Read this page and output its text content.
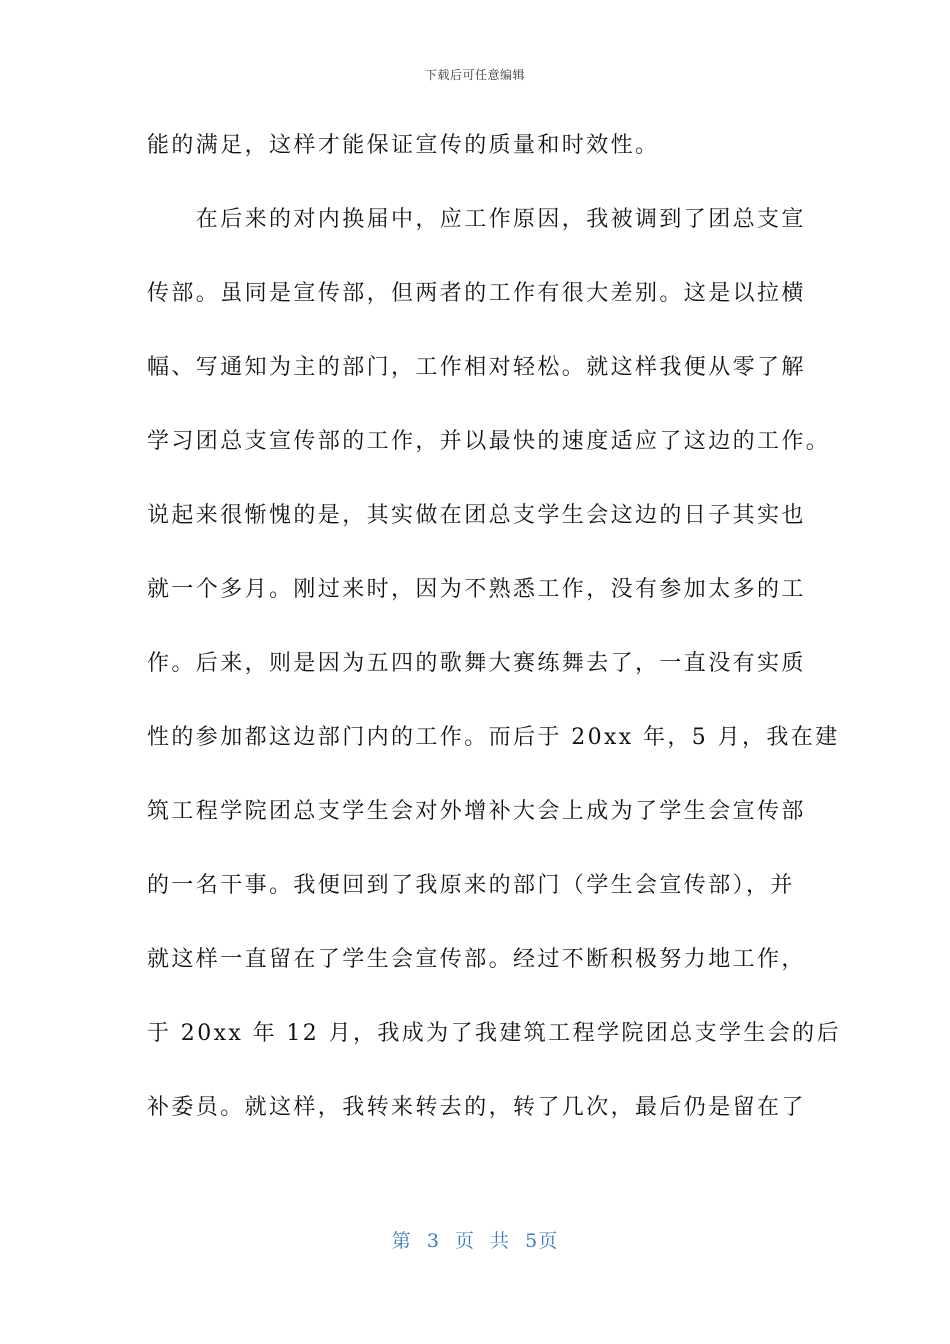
下载后可任意编辑
能的满足，这样才能保证宣传的质量和时效性。
　　在后来的对内换届中，应工作原因，我被调到了团总支宣
传部。虽同是宣传部，但两者的工作有很大差别。这是以拉横
幅、写通知为主的部门，工作相对轻松。就这样我便从零了解
学习团总支宣传部的工作，并以最快的速度适应了这边的工作。
说起来很惭愧的是，其实做在团总支学生会这边的日子其实也
就一个多月。刚过来时，因为不熟悉工作，没有参加太多的工
作。后来，则是因为五四的歌舞大赛练舞去了，一直没有实质
性的参加都这边部门内的工作。而后于 20xx 年，5 月，我在建
筑工程学院团总支学生会对外增补大会上成为了学生会宣传部
的一名干事。我便回到了我原来的部门（学生会宣传部），并
就这样一直留在了学生会宣传部。经过不断积极努力地工作，
于 20xx 年 12 月，我成为了我建筑工程学院团总支学生会的后
补委员。就这样，我转来转去的，转了几次，最后仍是留在了
第 3 页 共 5页
